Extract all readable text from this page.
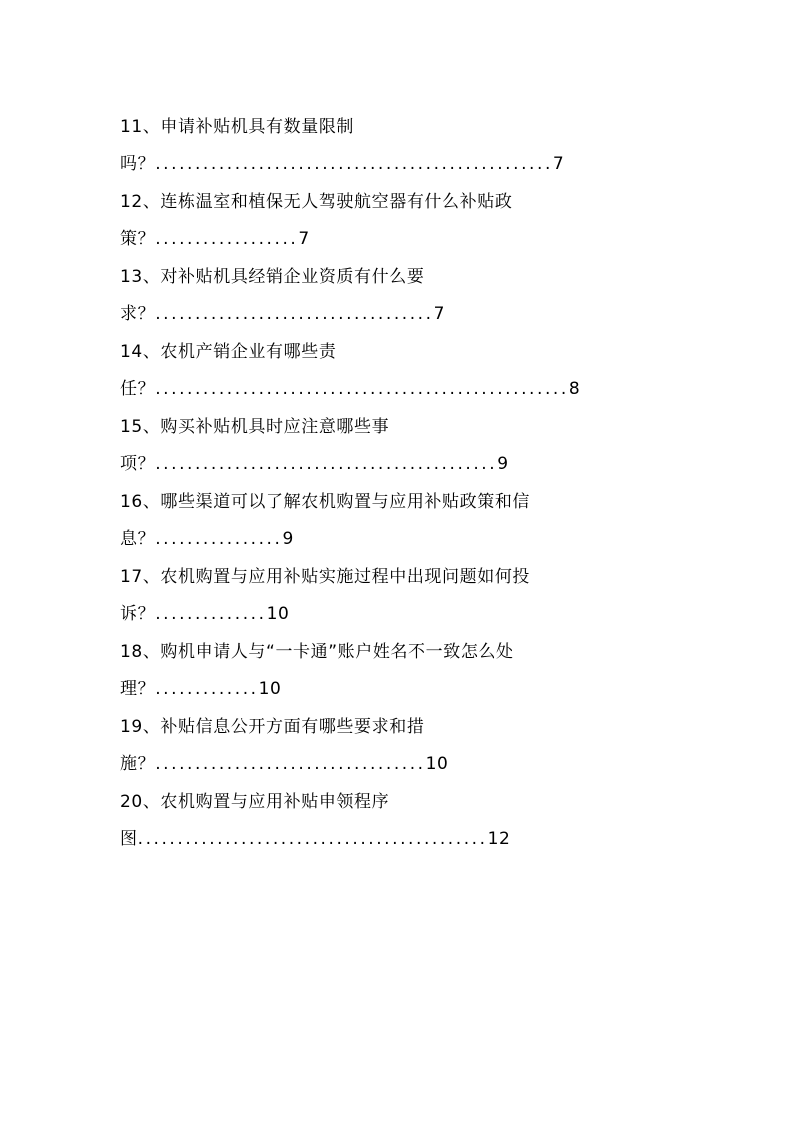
11、申请补贴机具有数量限制
吗？..................................................7
12、连栋温室和植保无人驾驶航空器有什么补贴政
策？..................7
13、对补贴机具经销企业资质有什么要
求？...................................7
14、农机产销企业有哪些责
任？....................................................8
15、购买补贴机具时应注意哪些事
项？...........................................9
16、哪些渠道可以了解农机购置与应用补贴政策和信
息？................9
17、农机购置与应用补贴实施过程中出现问题如何投
诉？..............10
18、购机申请人与“一卡通”账户姓名不一致怎么处
理？.............10
19、补贴信息公开方面有哪些要求和措
施？..................................10
20、农机购置与应用补贴申领程序
图............................................12
